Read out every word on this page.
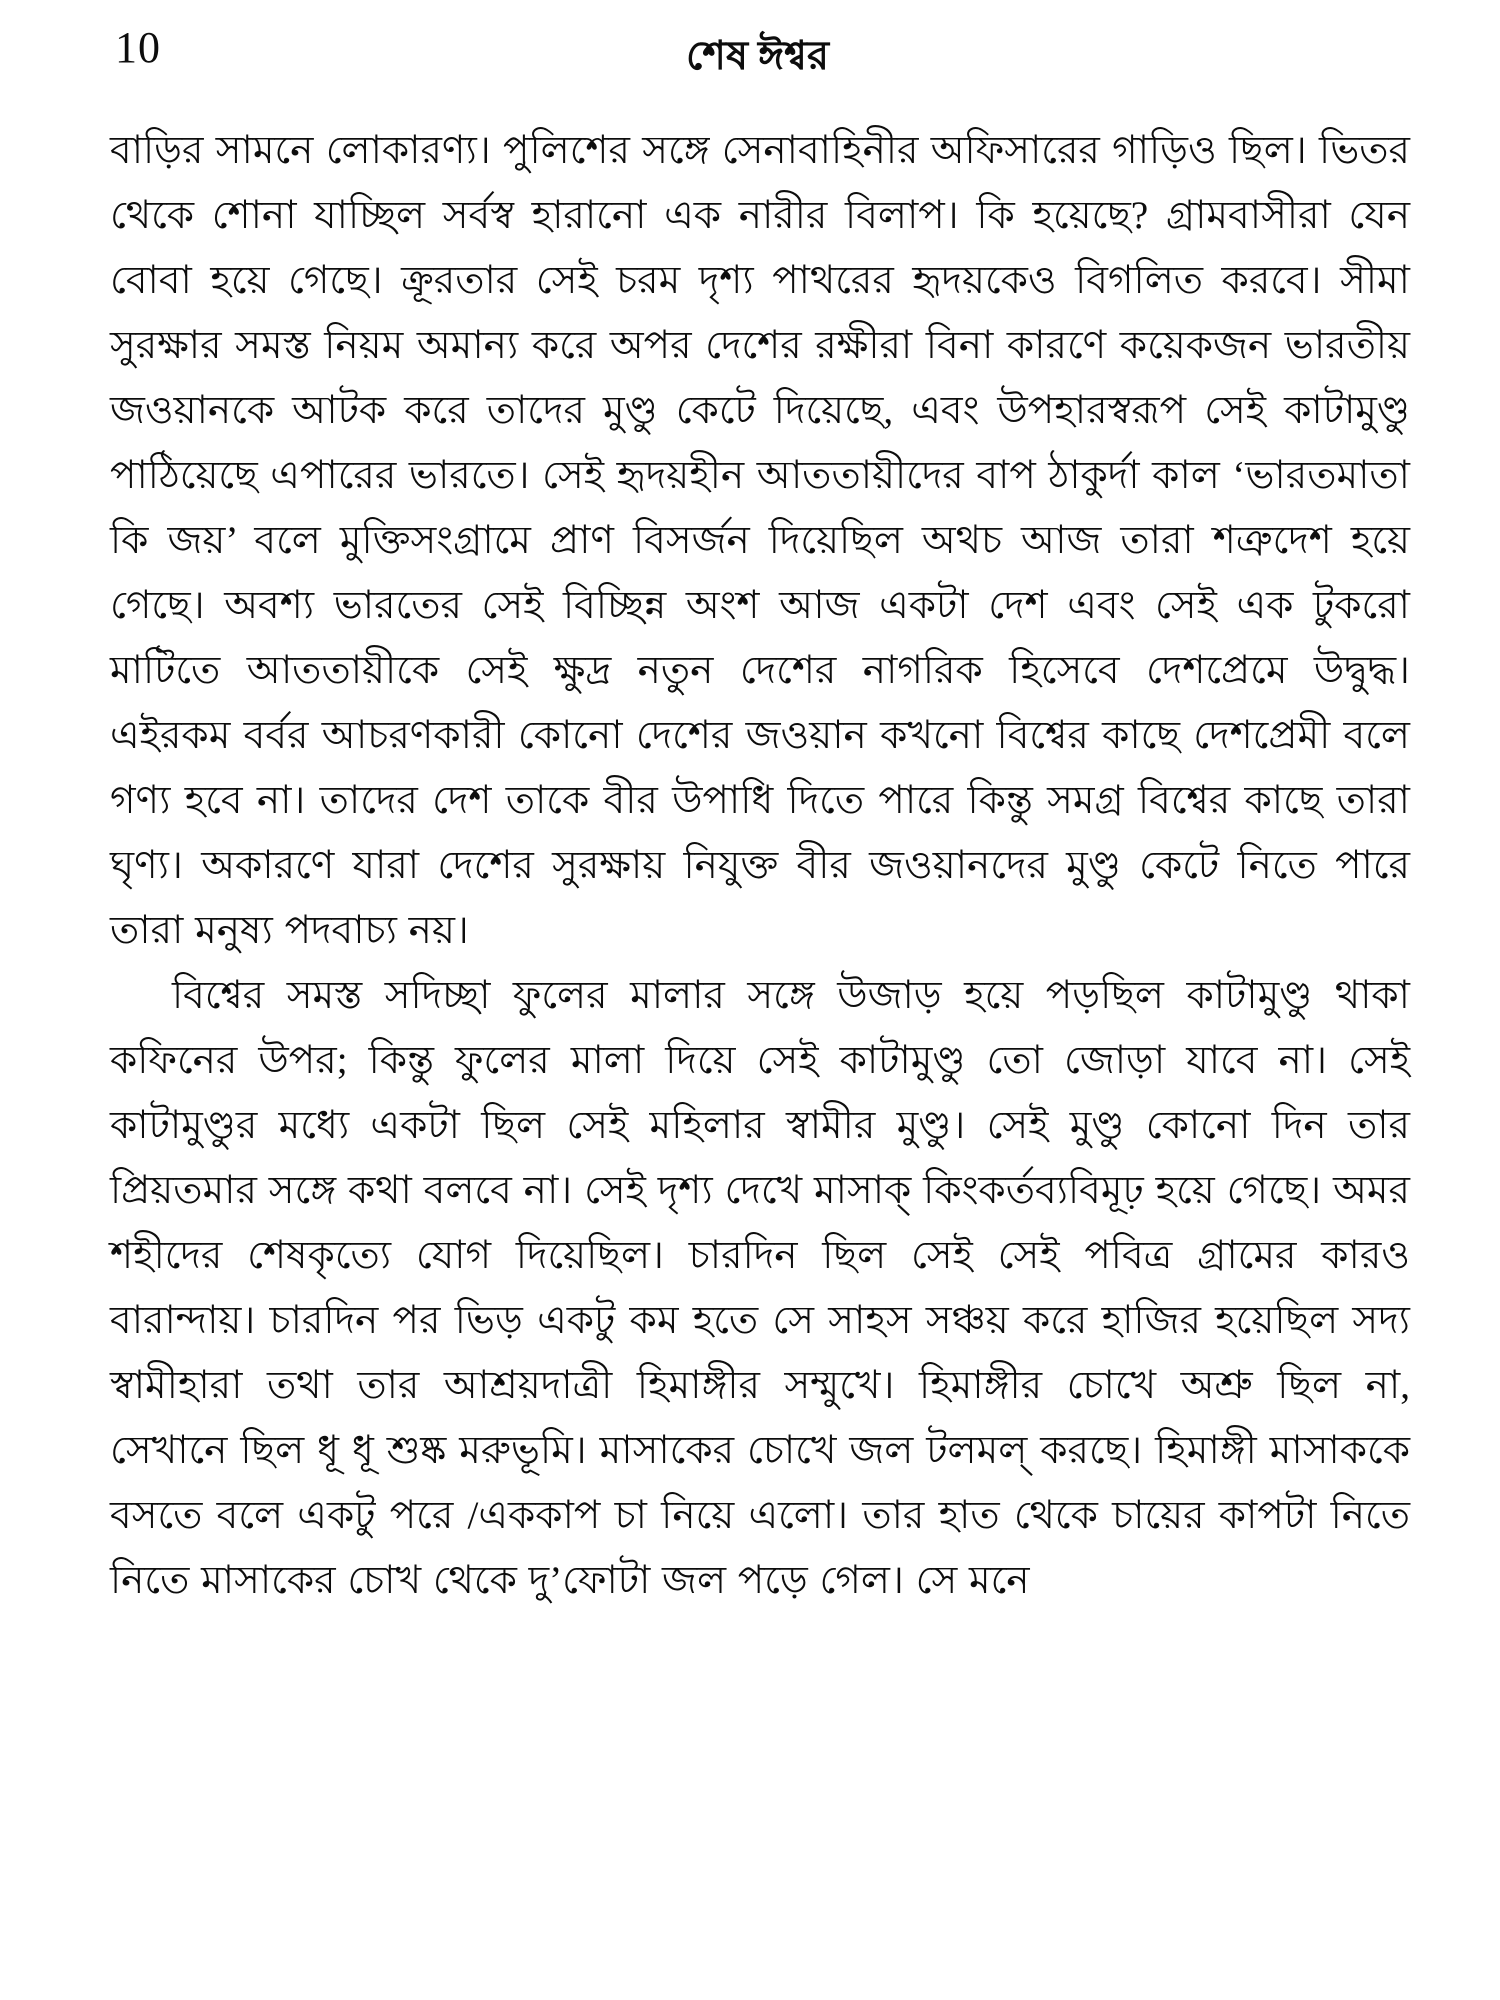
10	শেষ ঈশ্বর

বাড়ির সামনে লোকারণ্য। পুলিশের সঙ্গে সেনাবাহিনীর অফিসারের গাড়িও ছিল। ভিতর থেকে শোনা যাচ্ছিল সর্বস্ব হারানো এক নারীর বিলাপ। কি হয়েছে? গ্রামবাসীরা যেন বোবা হয়ে গেছে। ক্রূরতার সেই চরম দৃশ্য পাথরের হৃদয়কেও বিগলিত করবে। সীমা সুরক্ষার সমস্ত নিয়ম অমান্য করে অপর দেশের রক্ষীরা বিনা কারণে কয়েকজন ভারতীয় জওয়ানকে আটক করে তাদের মুণ্ডু কেটে দিয়েছে, এবং উপহারস্বরূপ সেই কাটামুণ্ডু পাঠিয়েছে এপারের ভারতে। সেই হৃদয়হীন আততায়ীদের বাপ ঠাকুর্দা কাল ‘ভারতমাতা কি জয়’ বলে মুক্তিসংগ্রামে প্রাণ বিসর্জন দিয়েছিল অথচ আজ তারা শত্রুদেশ হয়ে গেছে। অবশ্য ভারতের সেই বিচ্ছিন্ন অংশ আজ একটা দেশ এবং সেই এক টুকরো মাটিতে আততায়ীকে সেই ক্ষুদ্র নতুন দেশের নাগরিক হিসেবে দেশপ্রেমে উদ্বুদ্ধ। এইরকম বর্বর আচরণকারী কোনো দেশের জওয়ান কখনো বিশ্বের কাছে দেশপ্রেমী বলে গণ্য হবে না। তাদের দেশ তাকে বীর উপাধি দিতে পারে কিন্তু সমগ্র বিশ্বের কাছে তারা ঘৃণ্য। অকারণে যারা দেশের সুরক্ষায় নিযুক্ত বীর জওয়ানদের মুণ্ডু কেটে নিতে পারে তারা মনুষ্য পদবাচ্য নয়।

বিশ্বের সমস্ত সদিচ্ছা ফুলের মালার সঙ্গে উজাড় হয়ে পড়ছিল কাটামুণ্ডু থাকা কফিনের উপর; কিন্তু ফুলের মালা দিয়ে সেই কাটামুণ্ডু তো জোড়া যাবে না। সেই কাটামুণ্ডুর মধ্যে একটা ছিল সেই মহিলার স্বামীর মুণ্ডু। সেই মুণ্ডু কোনো দিন তার প্রিয়তমার সঙ্গে কথা বলবে না। সেই দৃশ্য দেখে মাসাক্ কিংকর্তব্যবিমূঢ় হয়ে গেছে। অমর শহীদের শেষকৃত্যে যোগ দিয়েছিল। চারদিন ছিল সেই সেই পবিত্র গ্রামের কারও বারান্দায়। চারদিন পর ভিড় একটু কম হতে সে সাহস সঞ্চয় করে হাজির হয়েছিল সদ্য স্বামীহারা তথা তার আশ্রয়দাত্রী হিমাঙ্গীর সম্মুখে। হিমাঙ্গীর চোখে অশ্রু ছিল না, সেখানে ছিল ধূ ধূ শুষ্ক মরুভূমি। মাসাকের চোখে জল টলমল্ করছে। হিমাঙ্গী মাসাককে বসতে বলে একটু পরে /এককাপ চা নিয়ে এলো। তার হাত থেকে চায়ের কাপটা নিতে নিতে মাসাকের চোখ থেকে দু’ফোটা জল পড়ে গেল। সে মনে
